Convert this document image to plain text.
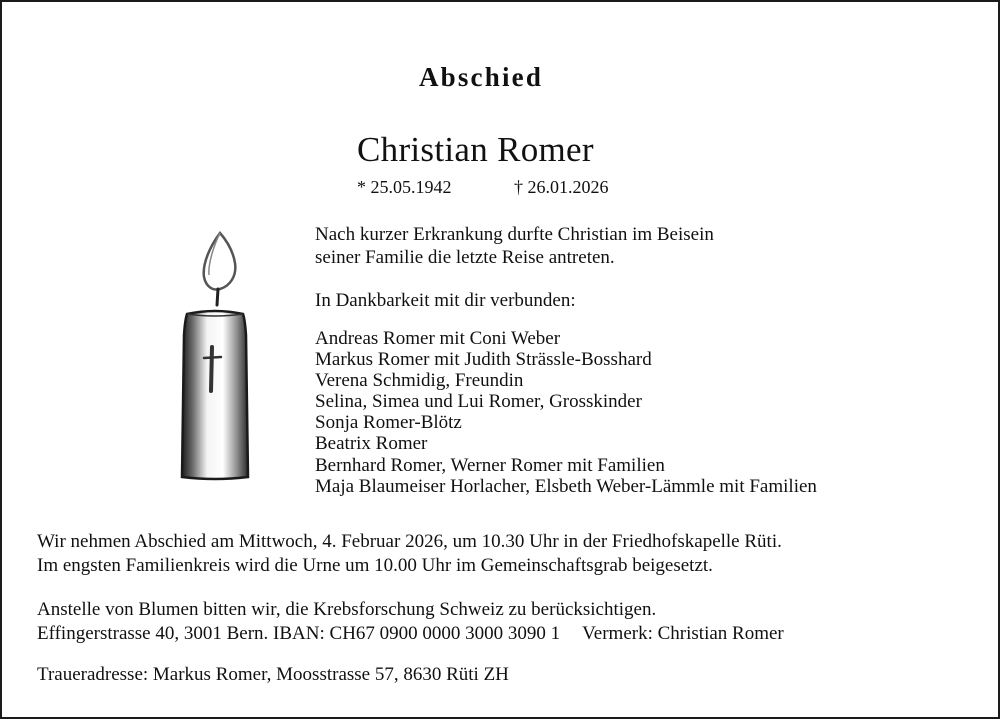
Abschied
Christian Romer
* 25.05.1942	† 26.01.2026
Nach kurzer Erkrankung durfte Christian im Beisein
seiner Familie die letzte Reise antreten.
In Dankbarkeit mit dir verbunden:
Andreas Romer mit Coni Weber
Markus Romer mit Judith Strässle-Bosshard
Verena Schmidig, Freundin
Selina, Simea und Lui Romer, Grosskinder
Sonja Romer-Blötz
Beatrix Romer
Bernhard Romer, Werner Romer mit Familien
Maja Blaumeiser Horlacher, Elsbeth Weber-Lämmle mit Familien
Wir nehmen Abschied am Mittwoch, 4. Februar 2026, um 10.30 Uhr in der Friedhofskapelle Rüti.
Im engsten Familienkreis wird die Urne um 10.00 Uhr im Gemeinschaftsgrab beigesetzt.
Anstelle von Blumen bitten wir, die Krebsforschung Schweiz zu berücksichtigen.
Effingerstrasse 40, 3001 Bern. IBAN: CH67 0900 0000 3000 3090 1 Vermerk: Christian Romer
Traueradresse: Markus Romer, Moosstrasse 57, 8630 Rüti ZH
